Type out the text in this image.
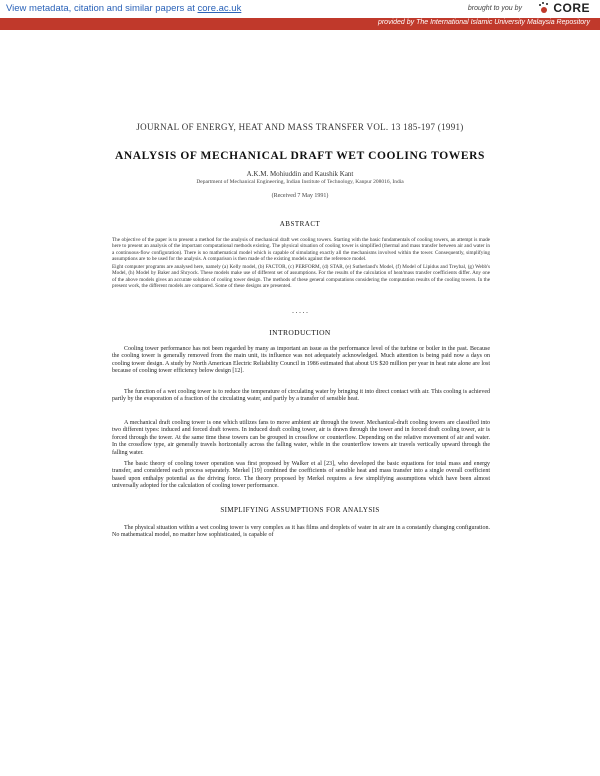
View metadata, citation and similar papers at core.ac.uk	brought to you by	CORE
provided by The International Islamic University Malaysia Repository
JOURNAL OF ENERGY, HEAT AND MASS TRANSFER VOL. 13 185-197 (1991)
ANALYSIS OF MECHANICAL DRAFT WET COOLING TOWERS
A.K.M. Mohiuddin and Kaushik Kant
Department of Mechanical Engineering, Indian Institute of Technology, Kanpur 208016, India
(Received 7 May 1991)
ABSTRACT
The objective of the paper is to present a method for the analysis of mechanical draft wet cooling towers. Starting with the basic fundamentals of cooling towers, an attempt is made here to present an analysis of the important computational methods existing. The physical situation of cooling tower is simplified (thermal and mass transfer between air and water in a continuous-flow configuration). There is no mathematical model which is capable of simulating exactly all the mechanisms involved within the tower. Consequently, simplifying assumptions are to be used for the analysis. A comparison is then made of the existing models against the reference model.
Eight computer programs are analysed here, namely (a) Kelly model, (b) FACTOR, (c) PERFORM, (d) STAR, (e) Sutherland's Model, (f) Model of Lipidus and Treybal, (g) Webb's Model, (h) Model by Baker and Shryock. These models make use of different set of assumptions. For the results of the calculation of heat/mass transfer coefficients differ. Any one of the above models gives an accurate solution of cooling tower design. The methods of these general computations considering the computation results of the cooling towers. In the present work, the different models are compared. Some of these designs are presented.
. . . . .
INTRODUCTION
Cooling tower performance has not been regarded by many as important an issue as the performance level of the turbine or boiler in the past. Because the cooling tower is generally removed from the main unit, its influence was not adequately acknowledged. Much attention is being paid now a days on cooling tower design. A study by North American Electric Reliability Council in 1986 estimated that about US $20 million per year in heat rate alone are lost because of cooling tower efficiency below design [12].
The function of a wet cooling tower is to reduce the temperature of circulating water by bringing it into direct contact with air. This cooling is achieved partly by the evaporation of a fraction of the circulating water, and partly by a transfer of sensible heat.
A mechanical draft cooling tower is one which utilizes fans to move ambient air through the tower. Mechanical-draft cooling towers are classified into two different types: induced and forced draft towers. In induced draft cooling tower, air is drawn through the tower and in forced draft cooling tower, air is forced through the tower. At the same time these towers can be grouped in crossflow or counterflow. Depending on the relative movement of air and water. In the crossflow type, air generally travels horizontally across the falling water, while in the counterflow towers air travels vertically upward through the falling water.
The basic theory of cooling tower operation was first proposed by Walker et al [23], who developed the basic equations for total mass and energy transfer, and considered each process separately. Merkel [19] combined the coefficients of sensible heat and mass transfer into a single overall coefficient based upon enthalpy potential as the driving force. The theory proposed by Merkel requires a few simplifying assumptions which have been almost universally adopted for the calculation of cooling tower performance.
SIMPLIFYING ASSUMPTIONS FOR ANALYSIS
The physical situation within a wet cooling tower is very complex as it has films and droplets of water in air are in a constantly changing configuration. No mathematical model, no matter how sophisticated, is capable of
